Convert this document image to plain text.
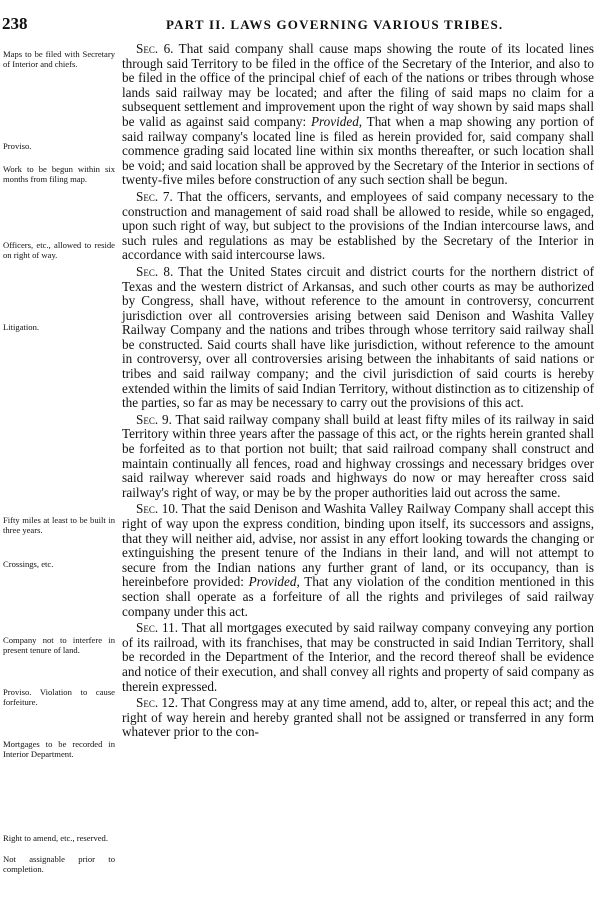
238	PART II. LAWS GOVERNING VARIOUS TRIBES.
Maps to be filed with Secretary of Interior and chiefs.
Proviso.
Work to be begun within six months from filing map.
Officers, etc., allowed to reside on right of way.
Litigation.
Fifty miles at least to be built in three years.
Crossings, etc.
Company not to interfere in present tenure of land.
Proviso. Violation to cause forfeiture.
Mortgages to be recorded in Interior Department.
Right to amend, etc., reserved.
Not assignable prior to completion.

Sec. 6. That said company shall cause maps showing the route of its located lines through said Territory to be filed in the office of the Secretary of the Interior, and also to be filed in the office of the principal chief of each of the nations or tribes through whose lands said railway may be located; and after the filing of said maps no claim for a subsequent settlement and improvement upon the right of way shown by said maps shall be valid as against said company: Provided, That when a map showing any portion of said railway company's located line is filed as herein provided for, said company shall commence grading said located line within six months thereafter, or such location shall be void; and said location shall be approved by the Secretary of the Interior in sections of twenty-five miles before construction of any such section shall be begun.

Sec. 7. That the officers, servants, and employees of said company necessary to the construction and management of said road shall be allowed to reside, while so engaged, upon such right of way, but subject to the provisions of the Indian intercourse laws, and such rules and regulations as may be established by the Secretary of the Interior in accordance with said intercourse laws.

Sec. 8. That the United States circuit and district courts for the northern district of Texas and the western district of Arkansas, and such other courts as may be authorized by Congress, shall have, without reference to the amount in controversy, concurrent jurisdiction over all controversies arising between said Denison and Washita Valley Railway Company and the nations and tribes through whose territory said railway shall be constructed. Said courts shall have like jurisdiction, without reference to the amount in controversy, over all controversies arising between the inhabitants of said nations or tribes and said railway company; and the civil jurisdiction of said courts is hereby extended within the limits of said Indian Territory, without distinction as to citizenship of the parties, so far as may be necessary to carry out the provisions of this act.

Sec. 9. That said railway company shall build at least fifty miles of its railway in said Territory within three years after the passage of this act, or the rights herein granted shall be forfeited as to that portion not built; that said railroad company shall construct and maintain continually all fences, road and highway crossings and necessary bridges over said railway wherever said roads and highways do now or may hereafter cross said railway's right of way, or may be by the proper authorities laid out across the same.

Sec. 10. That the said Denison and Washita Valley Railway Company shall accept this right of way upon the express condition, binding upon itself, its successors and assigns, that they will neither aid, advise, nor assist in any effort looking towards the changing or extinguishing the present tenure of the Indians in their land, and will not attempt to secure from the Indian nations any further grant of land, or its occupancy, than is hereinbefore provided: Provided, That any violation of the condition mentioned in this section shall operate as a forfeiture of all the rights and privileges of said railway company under this act.

Sec. 11. That all mortgages executed by said railway company conveying any portion of its railroad, with its franchises, that may be constructed in said Indian Territory, shall be recorded in the Department of the Interior, and the record thereof shall be evidence and notice of their execution, and shall convey all rights and property of said company as therein expressed.

Sec. 12. That Congress may at any time amend, add to, alter, or repeal this act; and the right of way herein and hereby granted shall not be assigned or transferred in any form whatever prior to the con-
